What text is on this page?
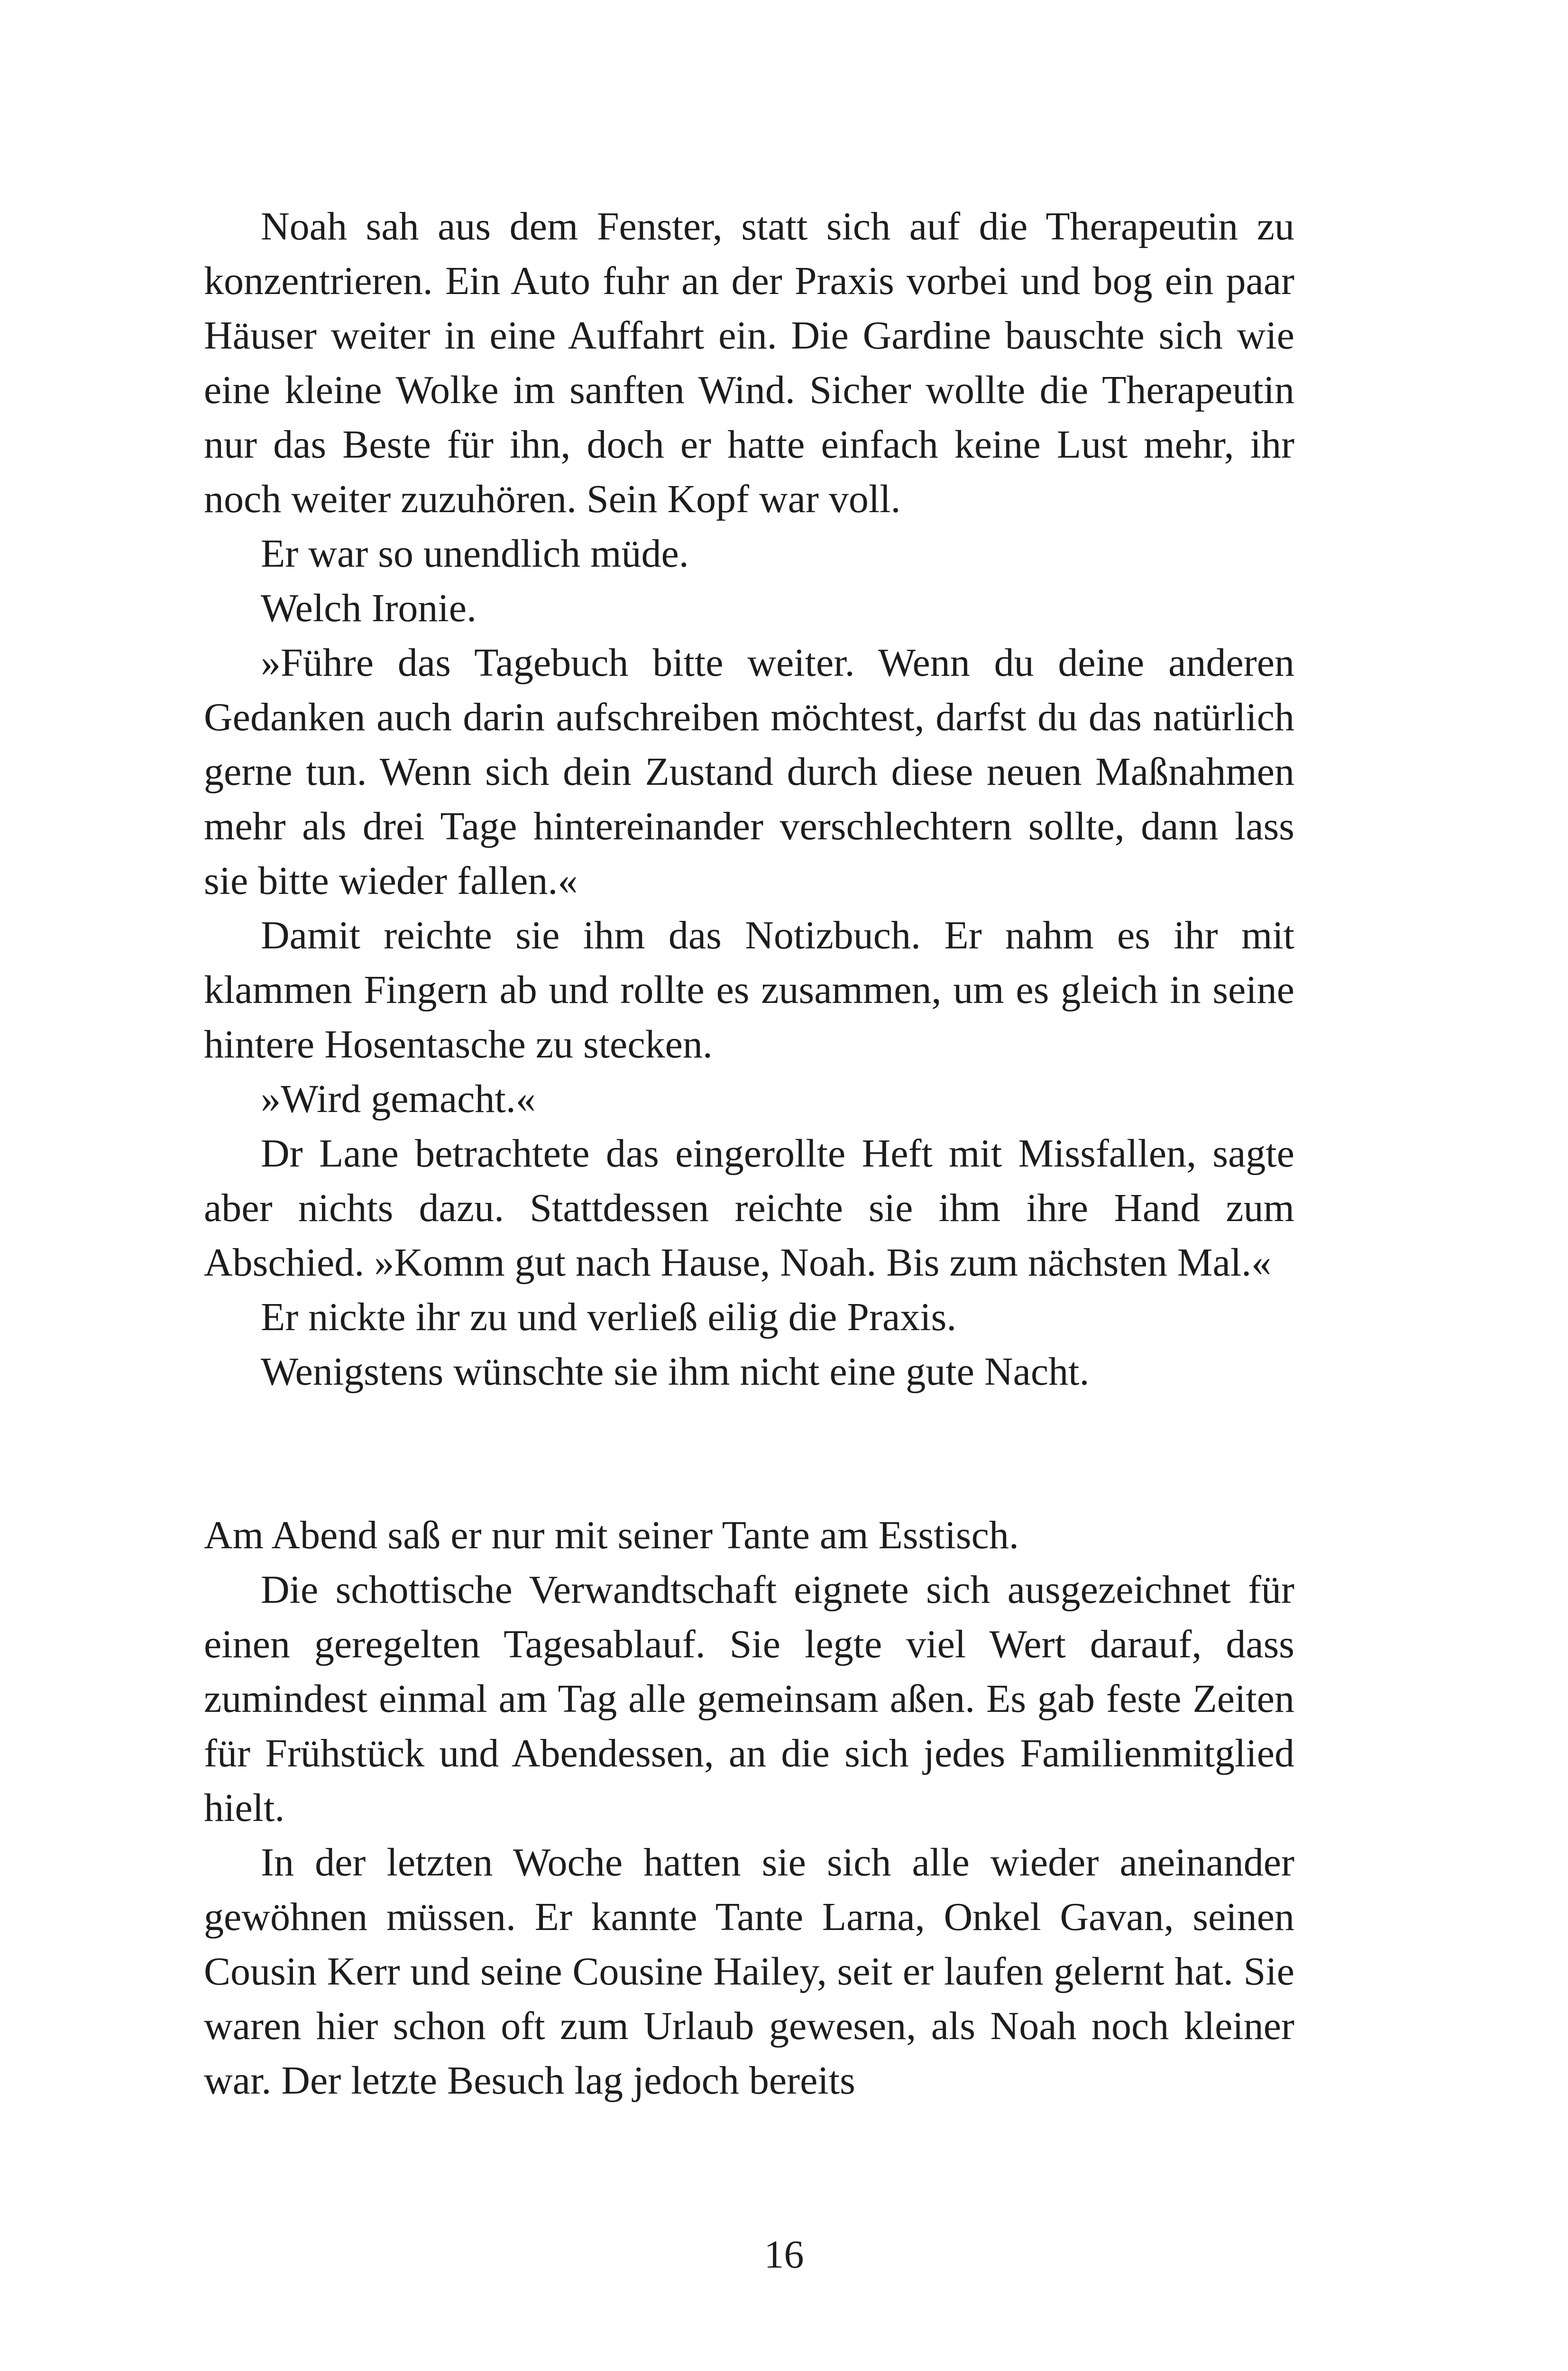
Noah sah aus dem Fenster, statt sich auf die Therapeutin zu konzentrieren. Ein Auto fuhr an der Praxis vorbei und bog ein paar Häuser weiter in eine Auffahrt ein. Die Gardine bauschte sich wie eine kleine Wolke im sanften Wind. Sicher wollte die Therapeutin nur das Beste für ihn, doch er hatte einfach keine Lust mehr, ihr noch weiter zuzuhören. Sein Kopf war voll.

Er war so unendlich müde.

Welch Ironie.

»Führe das Tagebuch bitte weiter. Wenn du deine anderen Gedanken auch darin aufschreiben möchtest, darfst du das natürlich gerne tun. Wenn sich dein Zustand durch diese neuen Maßnahmen mehr als drei Tage hintereinander verschlechtern sollte, dann lass sie bitte wieder fallen.«

Damit reichte sie ihm das Notizbuch. Er nahm es ihr mit klammen Fingern ab und rollte es zusammen, um es gleich in seine hintere Hosentasche zu stecken.

»Wird gemacht.«

Dr Lane betrachtete das eingerollte Heft mit Missfallen, sagte aber nichts dazu. Stattdessen reichte sie ihm ihre Hand zum Abschied. »Komm gut nach Hause, Noah. Bis zum nächsten Mal.«

Er nickte ihr zu und verließ eilig die Praxis.

Wenigstens wünschte sie ihm nicht eine gute Nacht.

Am Abend saß er nur mit seiner Tante am Esstisch.

Die schottische Verwandtschaft eignete sich ausgezeichnet für einen geregelten Tagesablauf. Sie legte viel Wert darauf, dass zumindest einmal am Tag alle gemeinsam aßen. Es gab feste Zeiten für Frühstück und Abendessen, an die sich jedes Familienmitglied hielt.

In der letzten Woche hatten sie sich alle wieder aneinander gewöhnen müssen. Er kannte Tante Larna, Onkel Gavan, seinen Cousin Kerr und seine Cousine Hailey, seit er laufen gelernt hat. Sie waren hier schon oft zum Urlaub gewesen, als Noah noch kleiner war. Der letzte Besuch lag jedoch bereits

16
